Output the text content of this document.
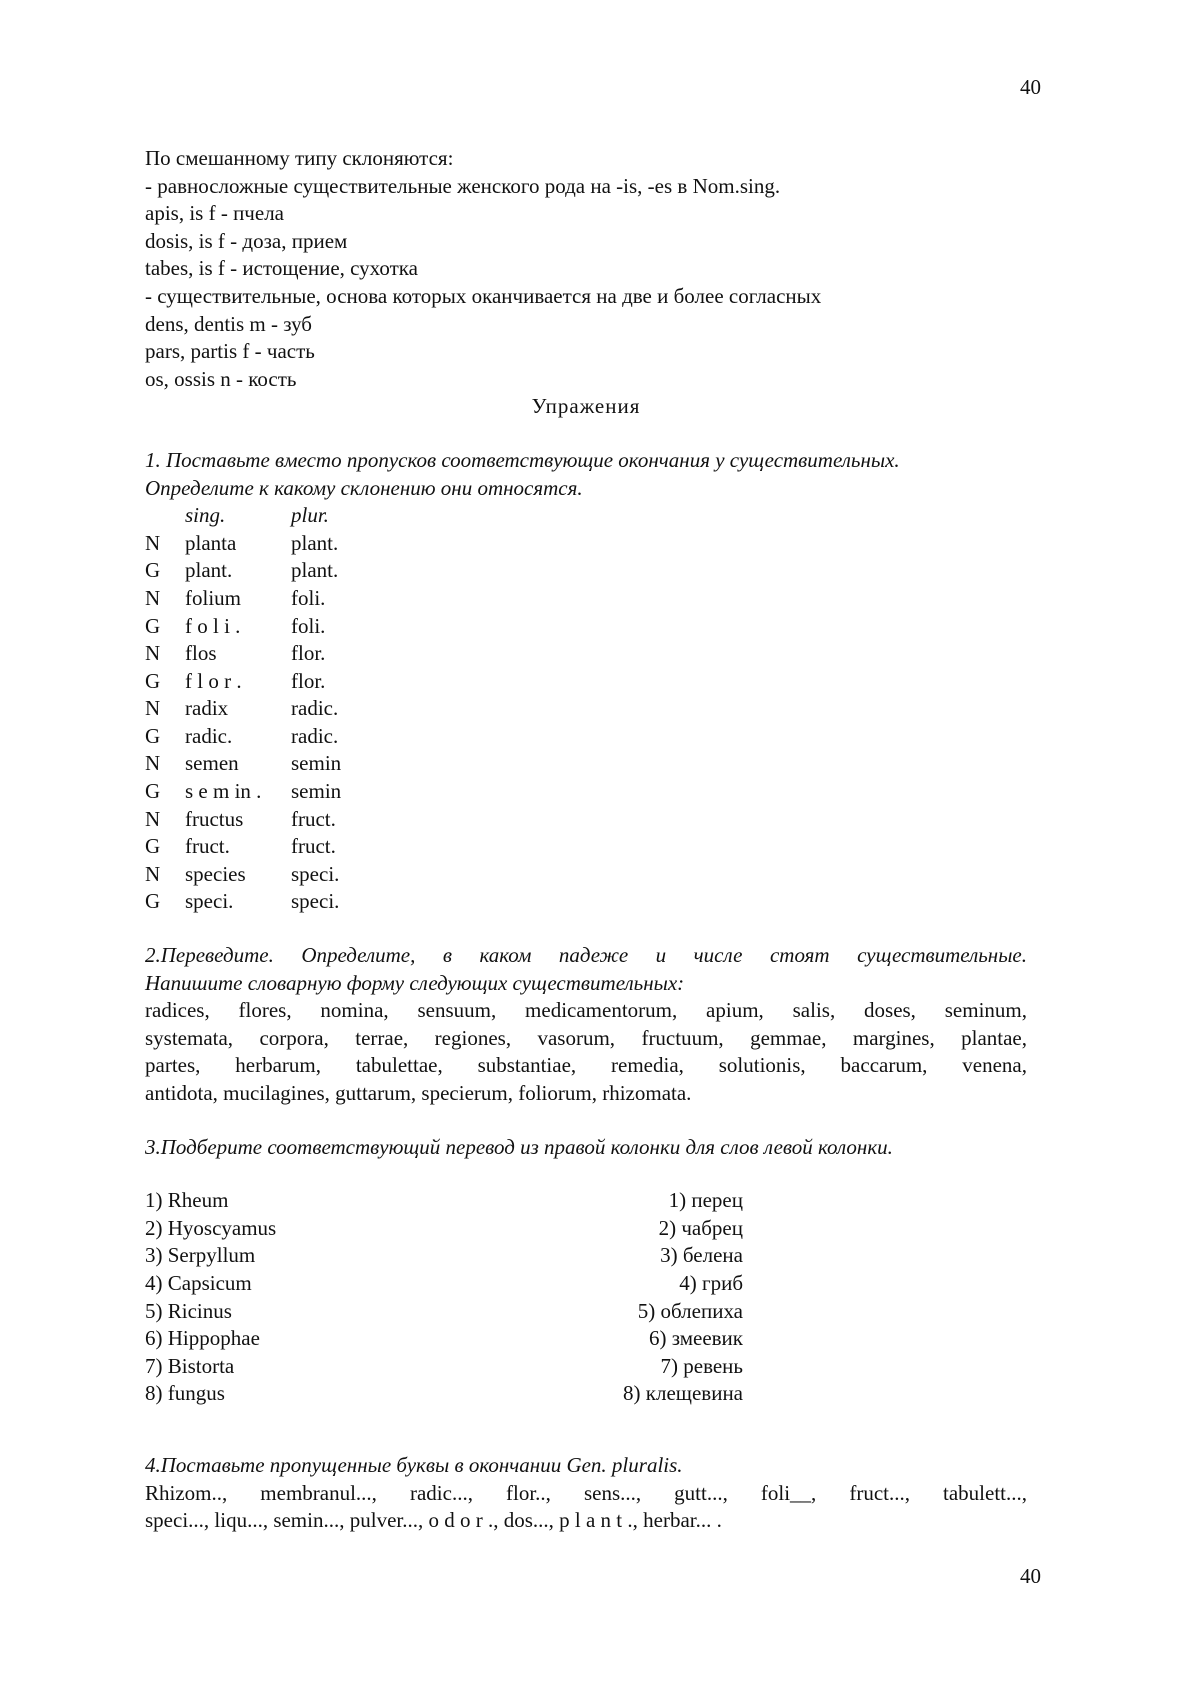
40
По смешанному типу склоняются:
- равносложные существительные женского рода на -is, -es в Nom.sing.
apis, is f - пчела
dosis, is f - доза, прием
tabes, is f - истощение, сухотка
- существительные, основа которых оканчивается на две и более согласных
dens, dentis m - зуб
pars, partis f - часть
os, ossis n - кость
Упражения
1. Поставьте вместо пропусков соответствующие окончания у существительных.
Определите к какому склонению они относятся.
sing.	plur.
N	planta	plant.
G	plant.	plant.
N	folium	foli.
G	f o l i .	foli.
N	flos	flor.
G	f l o r .	flor.
N	radix	radic.
G	radic.	radic.
N	semen	semin
G	s e m in .	semin
N	fructus	fruct.
G	fruct.	fruct.
N	species	speci.
G	speci.	speci.
2.Переведите. Определите, в каком падеже и числе стоят существительные.
Напишите словарную форму следующих существительных:
radices, flores, nomina, sensuum, medicamentorum, apium, salis, doses, seminum,
systemata, corpora, terrae, regiones, vasorum, fructuum, gemmae, margines, plantae,
partes, herbarum, tabulettae, substantiae, remedia, solutionis, baccarum, venena,
antidota, mucilagines, guttarum, specierum, foliorum, rhizomata.
3.Подберите соответствующий перевод из правой колонки для слов левой колонки.
1) Rheum	1) перец
2) Hyoscyamus	2) чабрец
3) Serpyllum	3) белена
4) Capsicum	4) гриб
5) Ricinus	5) облепиха
6) Hippophae	6) змеевик
7) Bistorta	7) ревень
8) fungus	8) клещевина
4.Поставьте пропущенные буквы в окончании Gen. pluralis.
Rhizom.., membranul..., radic..., flor.., sens..., gutt..., foli__, fruct..., tabulett...,
speci..., liqu..., semin..., pulver..., o d o r ., dos..., p l a n t ., herbar... .
40
